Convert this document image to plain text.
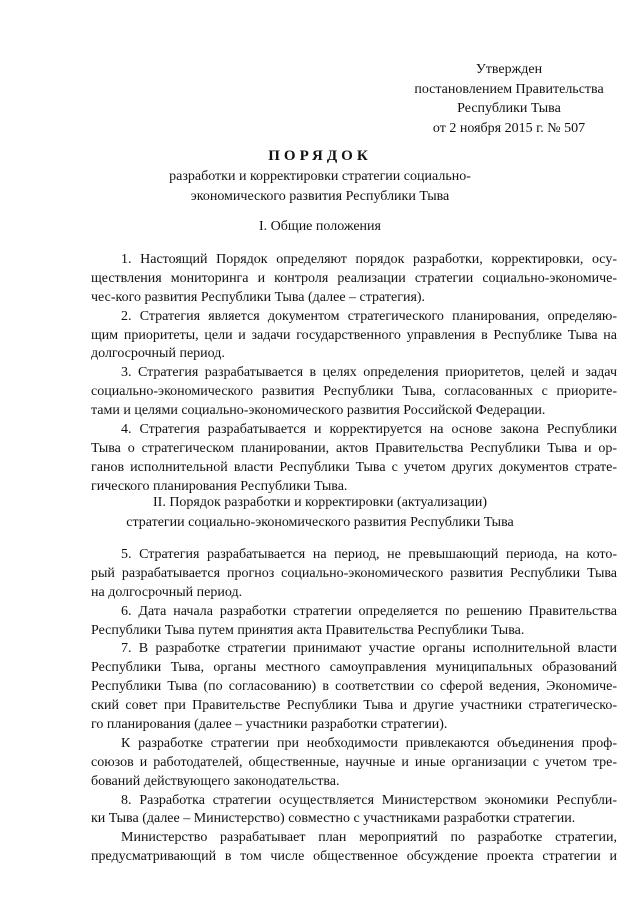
Утвержден
постановлением Правительства
Республики Тыва
от 2 ноября 2015 г. № 507
ПОРЯДОК
разработки и корректировки стратегии социально-
экономического развития Республики Тыва
I. Общие положения
1. Настоящий Порядок определяют порядок разработки, корректировки, осу-
ществления мониторинга и контроля реализации стратегии социально-экономиче-
чес-кого развития Республики Тыва (далее – стратегия).
2. Стратегия является документом стратегического планирования, определяю-
щим приоритеты, цели и задачи государственного управления в Республике Тыва на
долгосрочный период.
3. Стратегия разрабатывается в целях определения приоритетов, целей и задач
социально-экономического развития Республики Тыва, согласованных с приорите-
тами и целями социально-экономического развития Российской Федерации.
4. Стратегия разрабатывается и корректируется на основе закона Республики
Тыва о стратегическом планировании, актов Правительства Республики Тыва и ор-
ганов исполнительной власти Республики Тыва с учетом других документов страте-
гического планирования Республики Тыва.
II. Порядок разработки и корректировки (актуализации)
стратегии социально-экономического развития Республики Тыва
5. Стратегия разрабатывается на период, не превышающий периода, на кото-
рый разрабатывается прогноз социально-экономического развития Республики Тыва
на долгосрочный период.
6. Дата начала разработки стратегии определяется по решению Правительства
Республики Тыва путем принятия акта Правительства Республики Тыва.
7. В разработке стратегии принимают участие органы исполнительной власти
Республики Тыва, органы местного самоуправления муниципальных образований
Республики Тыва (по согласованию) в соответствии со сферой ведения, Экономиче-
ский совет при Правительстве Республики Тыва и другие участники стратегическо-
го планирования (далее – участники разработки стратегии).
К разработке стратегии при необходимости привлекаются объединения проф-
союзов и работодателей, общественные, научные и иные организации с учетом тре-
бований действующего законодательства.
8. Разработка стратегии осуществляется Министерством экономики Республи-
ки Тыва (далее – Министерство) совместно с участниками разработки стратегии.
Министерство разрабатывает план мероприятий по разработке стратегии,
предусматривающий в том числе общественное обсуждение проекта стратегии и
